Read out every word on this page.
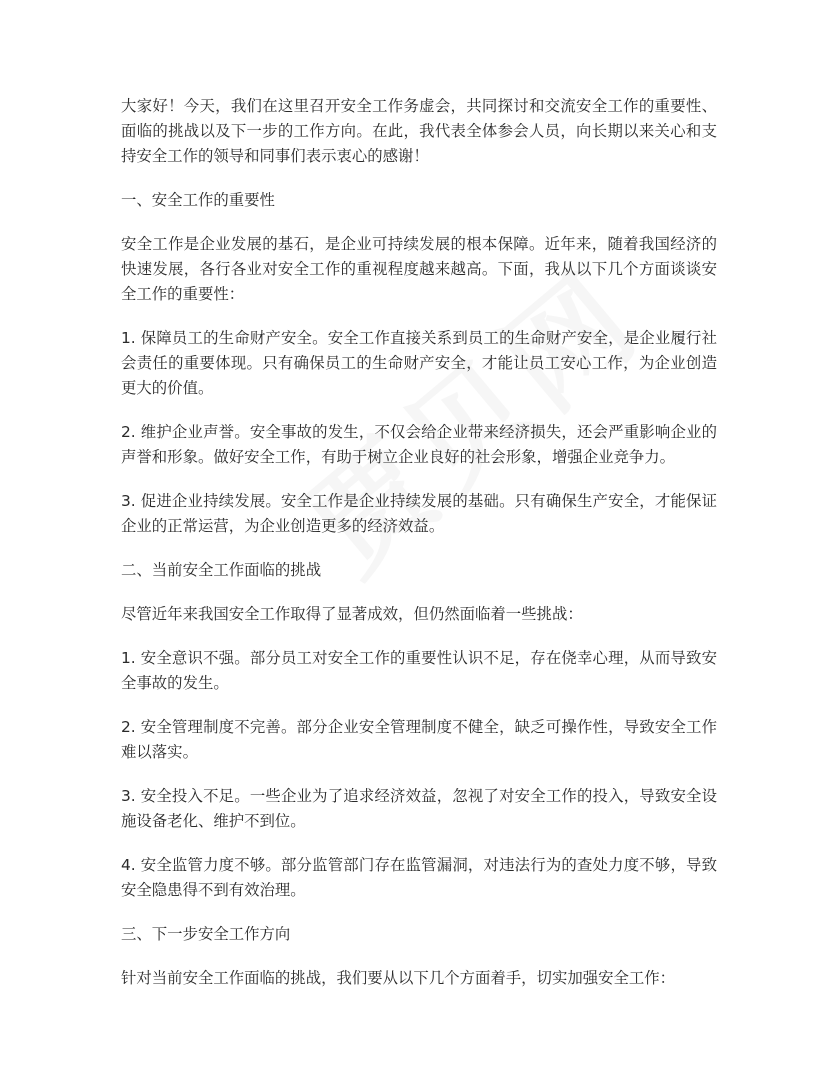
大家好！今天，我们在这里召开安全工作务虚会，共同探讨和交流安全工作的重要性、面临的挑战以及下一步的工作方向。在此，我代表全体参会人员，向长期以来关心和支持安全工作的领导和同事们表示衷心的感谢！

一、安全工作的重要性

安全工作是企业发展的基石，是企业可持续发展的根本保障。近年来，随着我国经济的快速发展，各行各业对安全工作的重视程度越来越高。下面，我从以下几个方面谈谈安全工作的重要性：

1. 保障员工的生命财产安全。安全工作直接关系到员工的生命财产安全，是企业履行社会责任的重要体现。只有确保员工的生命财产安全，才能让员工安心工作，为企业创造更大的价值。

2. 维护企业声誉。安全事故的发生，不仅会给企业带来经济损失，还会严重影响企业的声誉和形象。做好安全工作，有助于树立企业良好的社会形象，增强企业竞争力。

3. 促进企业持续发展。安全工作是企业持续发展的基础。只有确保生产安全，才能保证企业的正常运营，为企业创造更多的经济效益。

二、当前安全工作面临的挑战

尽管近年来我国安全工作取得了显著成效，但仍然面临着一些挑战：

1. 安全意识不强。部分员工对安全工作的重要性认识不足，存在侥幸心理，从而导致安全事故的发生。

2. 安全管理制度不完善。部分企业安全管理制度不健全，缺乏可操作性，导致安全工作难以落实。

3. 安全投入不足。一些企业为了追求经济效益，忽视了对安全工作的投入，导致安全设施设备老化、维护不到位。

4. 安全监管力度不够。部分监管部门存在监管漏洞，对违法行为的查处力度不够，导致安全隐患得不到有效治理。

三、下一步安全工作方向

针对当前安全工作面临的挑战，我们要从以下几个方面着手，切实加强安全工作：
